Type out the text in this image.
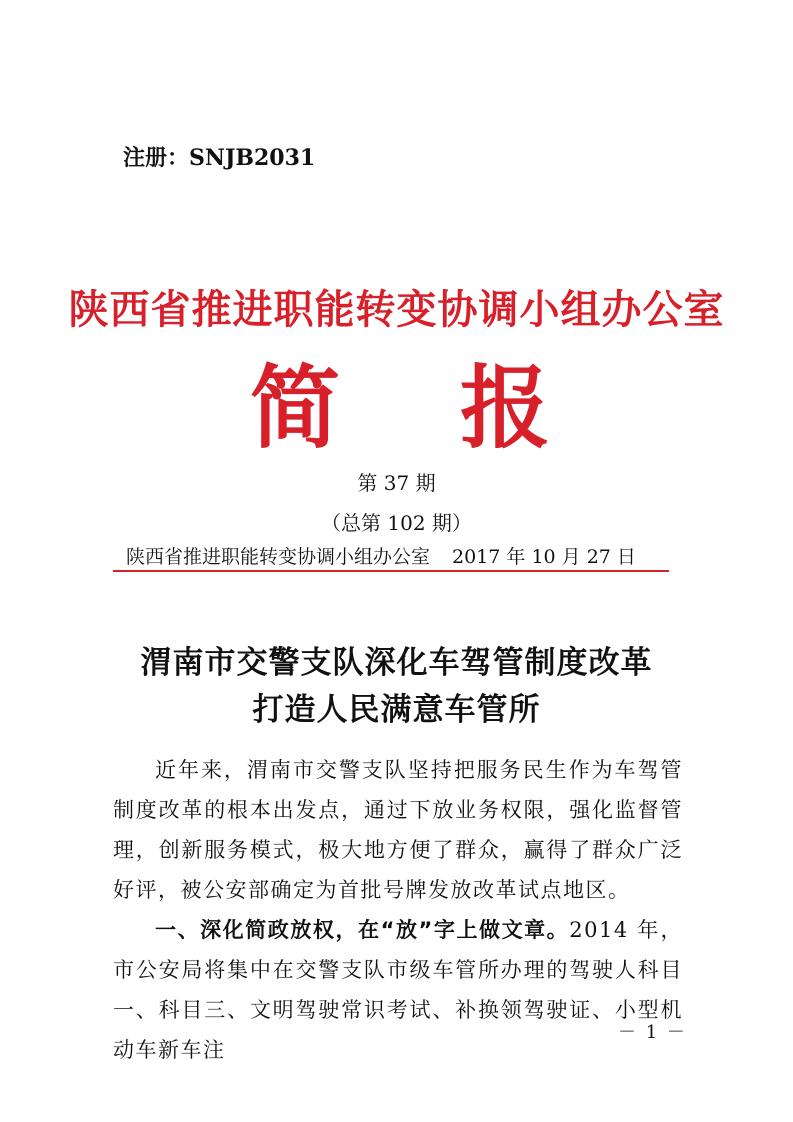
注册：SNJB2031
陕西省推进职能转变协调小组办公室
简 报
第 37 期
（总第 102 期）
陕西省推进职能转变协调小组办公室 2017 年 10 月 27 日
渭南市交警支队深化车驾管制度改革
打造人民满意车管所

近年来，渭南市交警支队坚持把服务民生作为车驾管制度改革的根本出发点，通过下放业务权限，强化监督管理，创新服务模式，极大地方便了群众，赢得了群众广泛好评，被公安部确定为首批号牌发放改革试点地区。

一、深化简政放权，在“放”字上做文章。2014 年，市公安局将集中在交警支队市级车管所办理的驾驶人科目一、科目三、文明驾驶常识考试、补换领驾驶证、小型机动车新车注

－ 1 －
